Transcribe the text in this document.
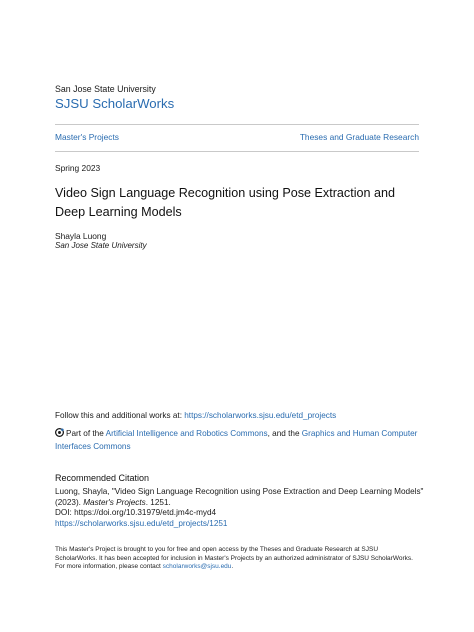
San Jose State University
SJSU ScholarWorks
Master's Projects	Theses and Graduate Research
Spring 2023
Video Sign Language Recognition using Pose Extraction and Deep Learning Models
Shayla Luong
San Jose State University
Follow this and additional works at: https://scholarworks.sjsu.edu/etd_projects
Part of the Artificial Intelligence and Robotics Commons, and the Graphics and Human Computer Interfaces Commons
Recommended Citation
Luong, Shayla, "Video Sign Language Recognition using Pose Extraction and Deep Learning Models"
(2023). Master's Projects. 1251.
DOI: https://doi.org/10.31979/etd.jm4c-myd4
https://scholarworks.sjsu.edu/etd_projects/1251
This Master's Project is brought to you for free and open access by the Theses and Graduate Research at SJSU ScholarWorks. It has been accepted for inclusion in Master's Projects by an authorized administrator of SJSU ScholarWorks. For more information, please contact scholarworks@sjsu.edu.
